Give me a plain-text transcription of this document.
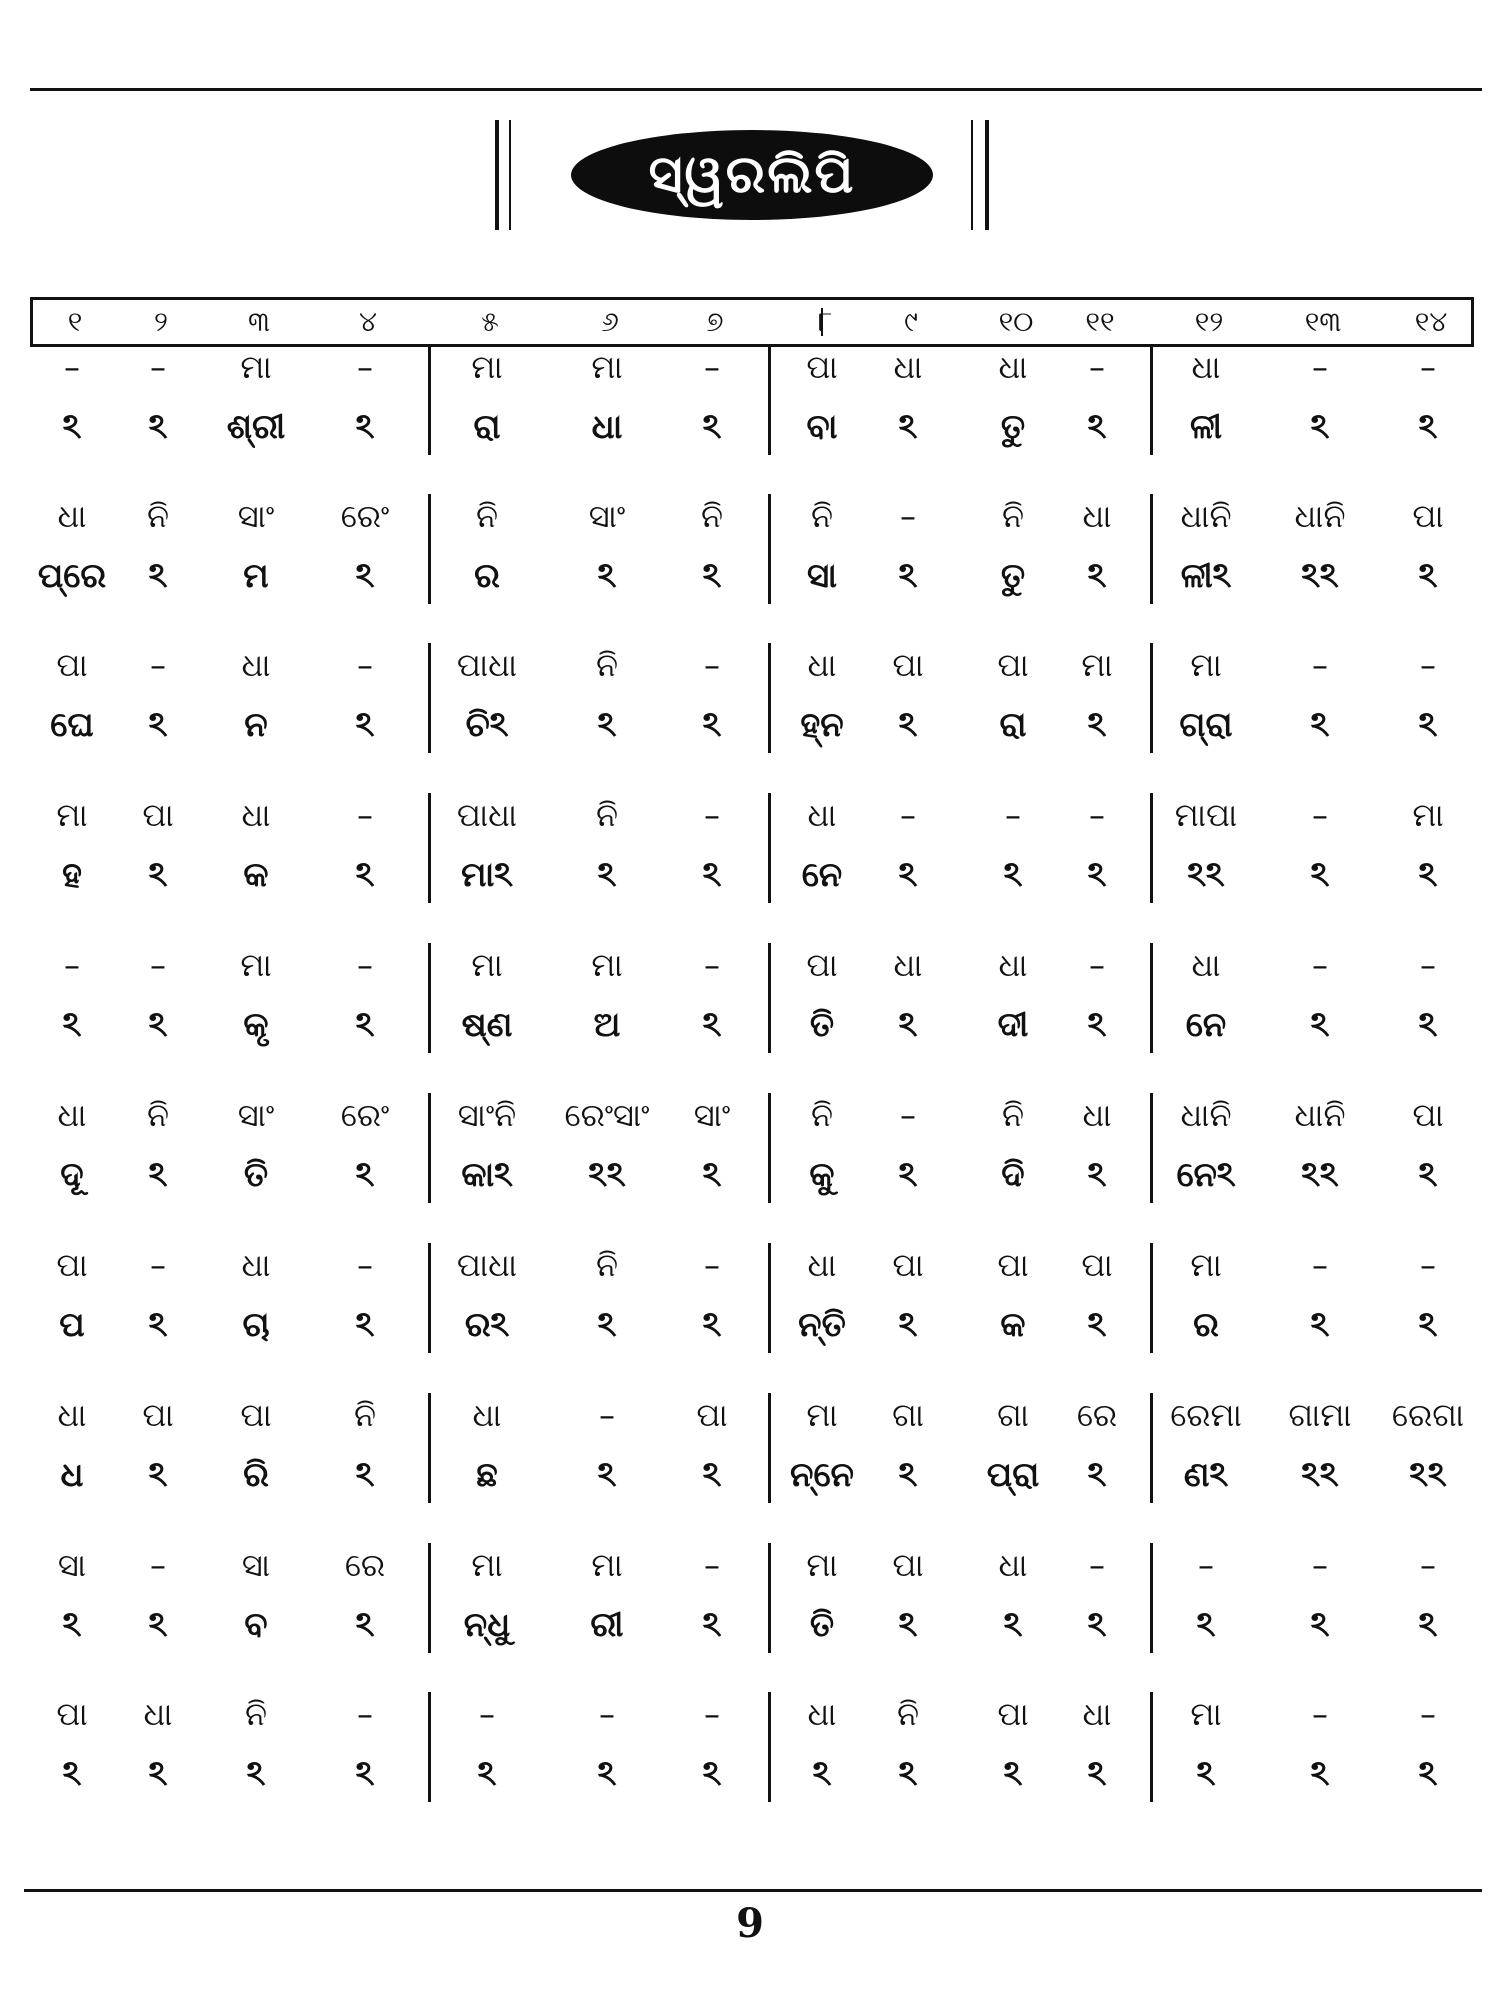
ସ୍ୱରଲିପି
୧	୨	୩	୪	୫	୬	୭	୮	୯	୧୦ ୧୧	୧୨	୧୩	୧୪
– – ମା	–	ମା	ମା	–	ପା ଧା ଧା –	ଧା	–	–
ঽ ঽ ଶ୍ରୀ ঽ	ରା	ଧା ঽ	ବା ঽ ତୁ ঽ ଳୀ	ঽ	ঽ
ଧା ନି ସାଂ ରେଂ	ନି	ସାଂ ନି	ନି –	ନି ଧା ଧାନି ଧାନି ପା
ପ୍ରେ ঽ ମ	ঽ	ର	ঽ	ঽ	ସା ঽ ତୁ ঽ ଳୀঽ ঽঽ ঽ
ପା – ଧା	–	ପାଧା ନି	–	ଧା ପା ପା ମା ମା	–	–
ଘେ ঽ ନ	ঽ	ଚିঽ	ঽ	ঽ ହ୍ନ ঽ ରା ঽ ଗ୍ରା ঽ	ঽ
ମା ପା ଧା	–	ପାଧା ନି	–	ଧା –	– – ମାପା –	ମା
ହ ঽ କ	ঽ	ମାঽ ঽ	ঽ ନେ ঽ	ঽ ঽ ঽঽ	ঽ	ঽ
– – ମା	–	ମା	ମା	–	ପା ଧା ଧା –	ଧା	–	–
ঽ ঽ କୃ	ঽ	ଷ୍ଣ ଅ ঽ	ତି ঽ ଦୀ ঽ ନେ ঽ	ঽ
ଧା ନି ସାଂ ରେଂ ସାଂନି ରେଂସାଂ ସାଂ	ନି –	ନି ଧା ଧାନି ଧାନି ପା
ଦୂ ঽ ତି	ঽ	କାঽ ঽঽ ঽ	କୁ ঽ ଦି ঽ ନେঽ ঽঽ ঽ
ପା – ଧା	–	ପାଧା ନି	–	ଧା ପା ପା ପା ମା	–	–
ପ ঽ ଚା	ঽ	ରঽ	ঽ	ঽ ନ୍ତି ঽ କ ঽ	ର	ঽ	ঽ
ଧା ପା ପା	ନି	ଧା	–	ପା ମା ଗା ଗା ରେ ରେମା ଗାମା ରେଗା
ଧ ঽ ରି	ঽ	ଛ	ঽ	ঽ ନ୍ନେ ঽ ପ୍ରା ঽ ଣঽ ঽঽ ঽঽ
ସା – ସା ରେ	ମା	ମା	–	ମା ପା ଧା –	–	–	–
ঽ ঽ ବ	ঽ	ନ୍ଧୁ ରୀ ঽ	ତି ঽ	ঽ ঽ	ঽ	ঽ	ঽ
ପା ଧା ନି	–	–	–	–	ଧା ନି ପା ଧା ମା	–	–
ঽ ঽ ঽ	ঽ	ঽ	ঽ	ঽ	ঽ ঽ	ঽ ঽ	ঽ	ঽ	ঽ
9
